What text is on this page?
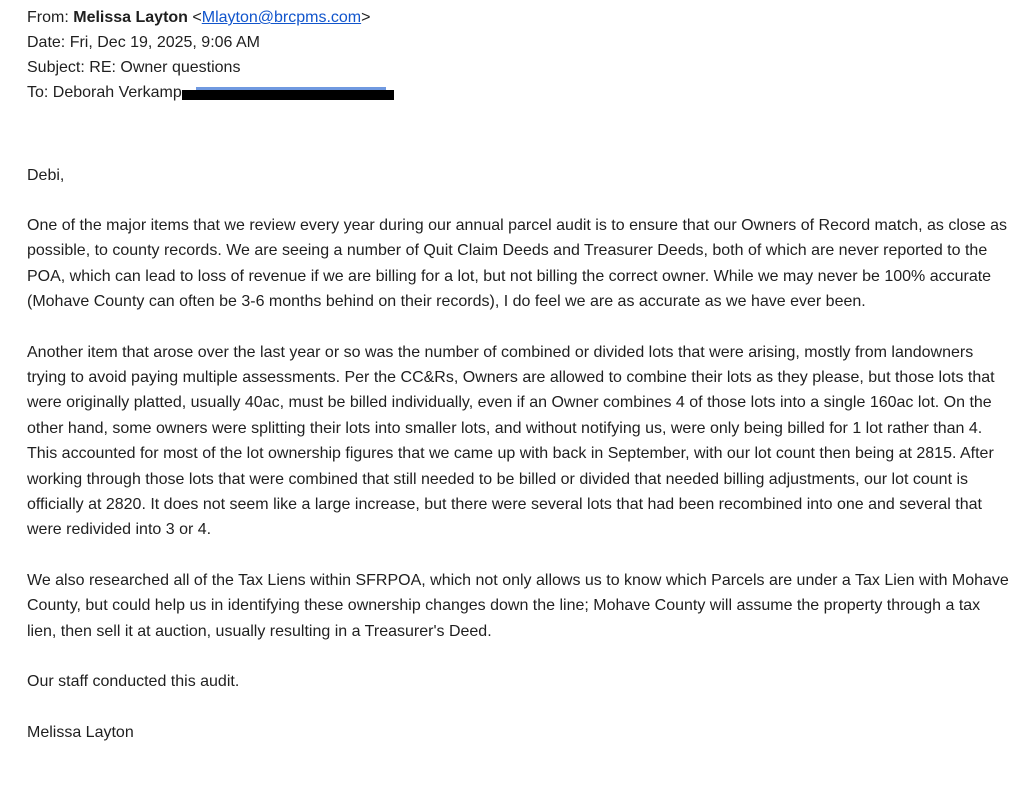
From: Melissa Layton <Mlayton@brcpms.com>
Date: Fri, Dec 19, 2025, 9:06 AM
Subject: RE: Owner questions
To: Deborah Verkamp
Debi,

One of the major items that we review every year during our annual parcel audit is to ensure that our Owners of Record match, as close as possible, to county records. We are seeing a number of Quit Claim Deeds and Treasurer Deeds, both of which are never reported to the POA, which can lead to loss of revenue if we are billing for a lot, but not billing the correct owner. While we may never be 100% accurate (Mohave County can often be 3-6 months behind on their records), I do feel we are as accurate as we have ever been.

Another item that arose over the last year or so was the number of combined or divided lots that were arising, mostly from landowners trying to avoid paying multiple assessments. Per the CC&Rs, Owners are allowed to combine their lots as they please, but those lots that were originally platted, usually 40ac, must be billed individually, even if an Owner combines 4 of those lots into a single 160ac lot. On the other hand, some owners were splitting their lots into smaller lots, and without notifying us, were only being billed for 1 lot rather than 4. This accounted for most of the lot ownership figures that we came up with back in September, with our lot count then being at 2815. After working through those lots that were combined that still needed to be billed or divided that needed billing adjustments, our lot count is officially at 2820. It does not seem like a large increase, but there were several lots that had been recombined into one and several that were redivided into 3 or 4.

We also researched all of the Tax Liens within SFRPOA, which not only allows us to know which Parcels are under a Tax Lien with Mohave County, but could help us in identifying these ownership changes down the line; Mohave County will assume the property through a tax lien, then sell it at auction, usually resulting in a Treasurer's Deed.

Our staff conducted this audit.

Melissa Layton
